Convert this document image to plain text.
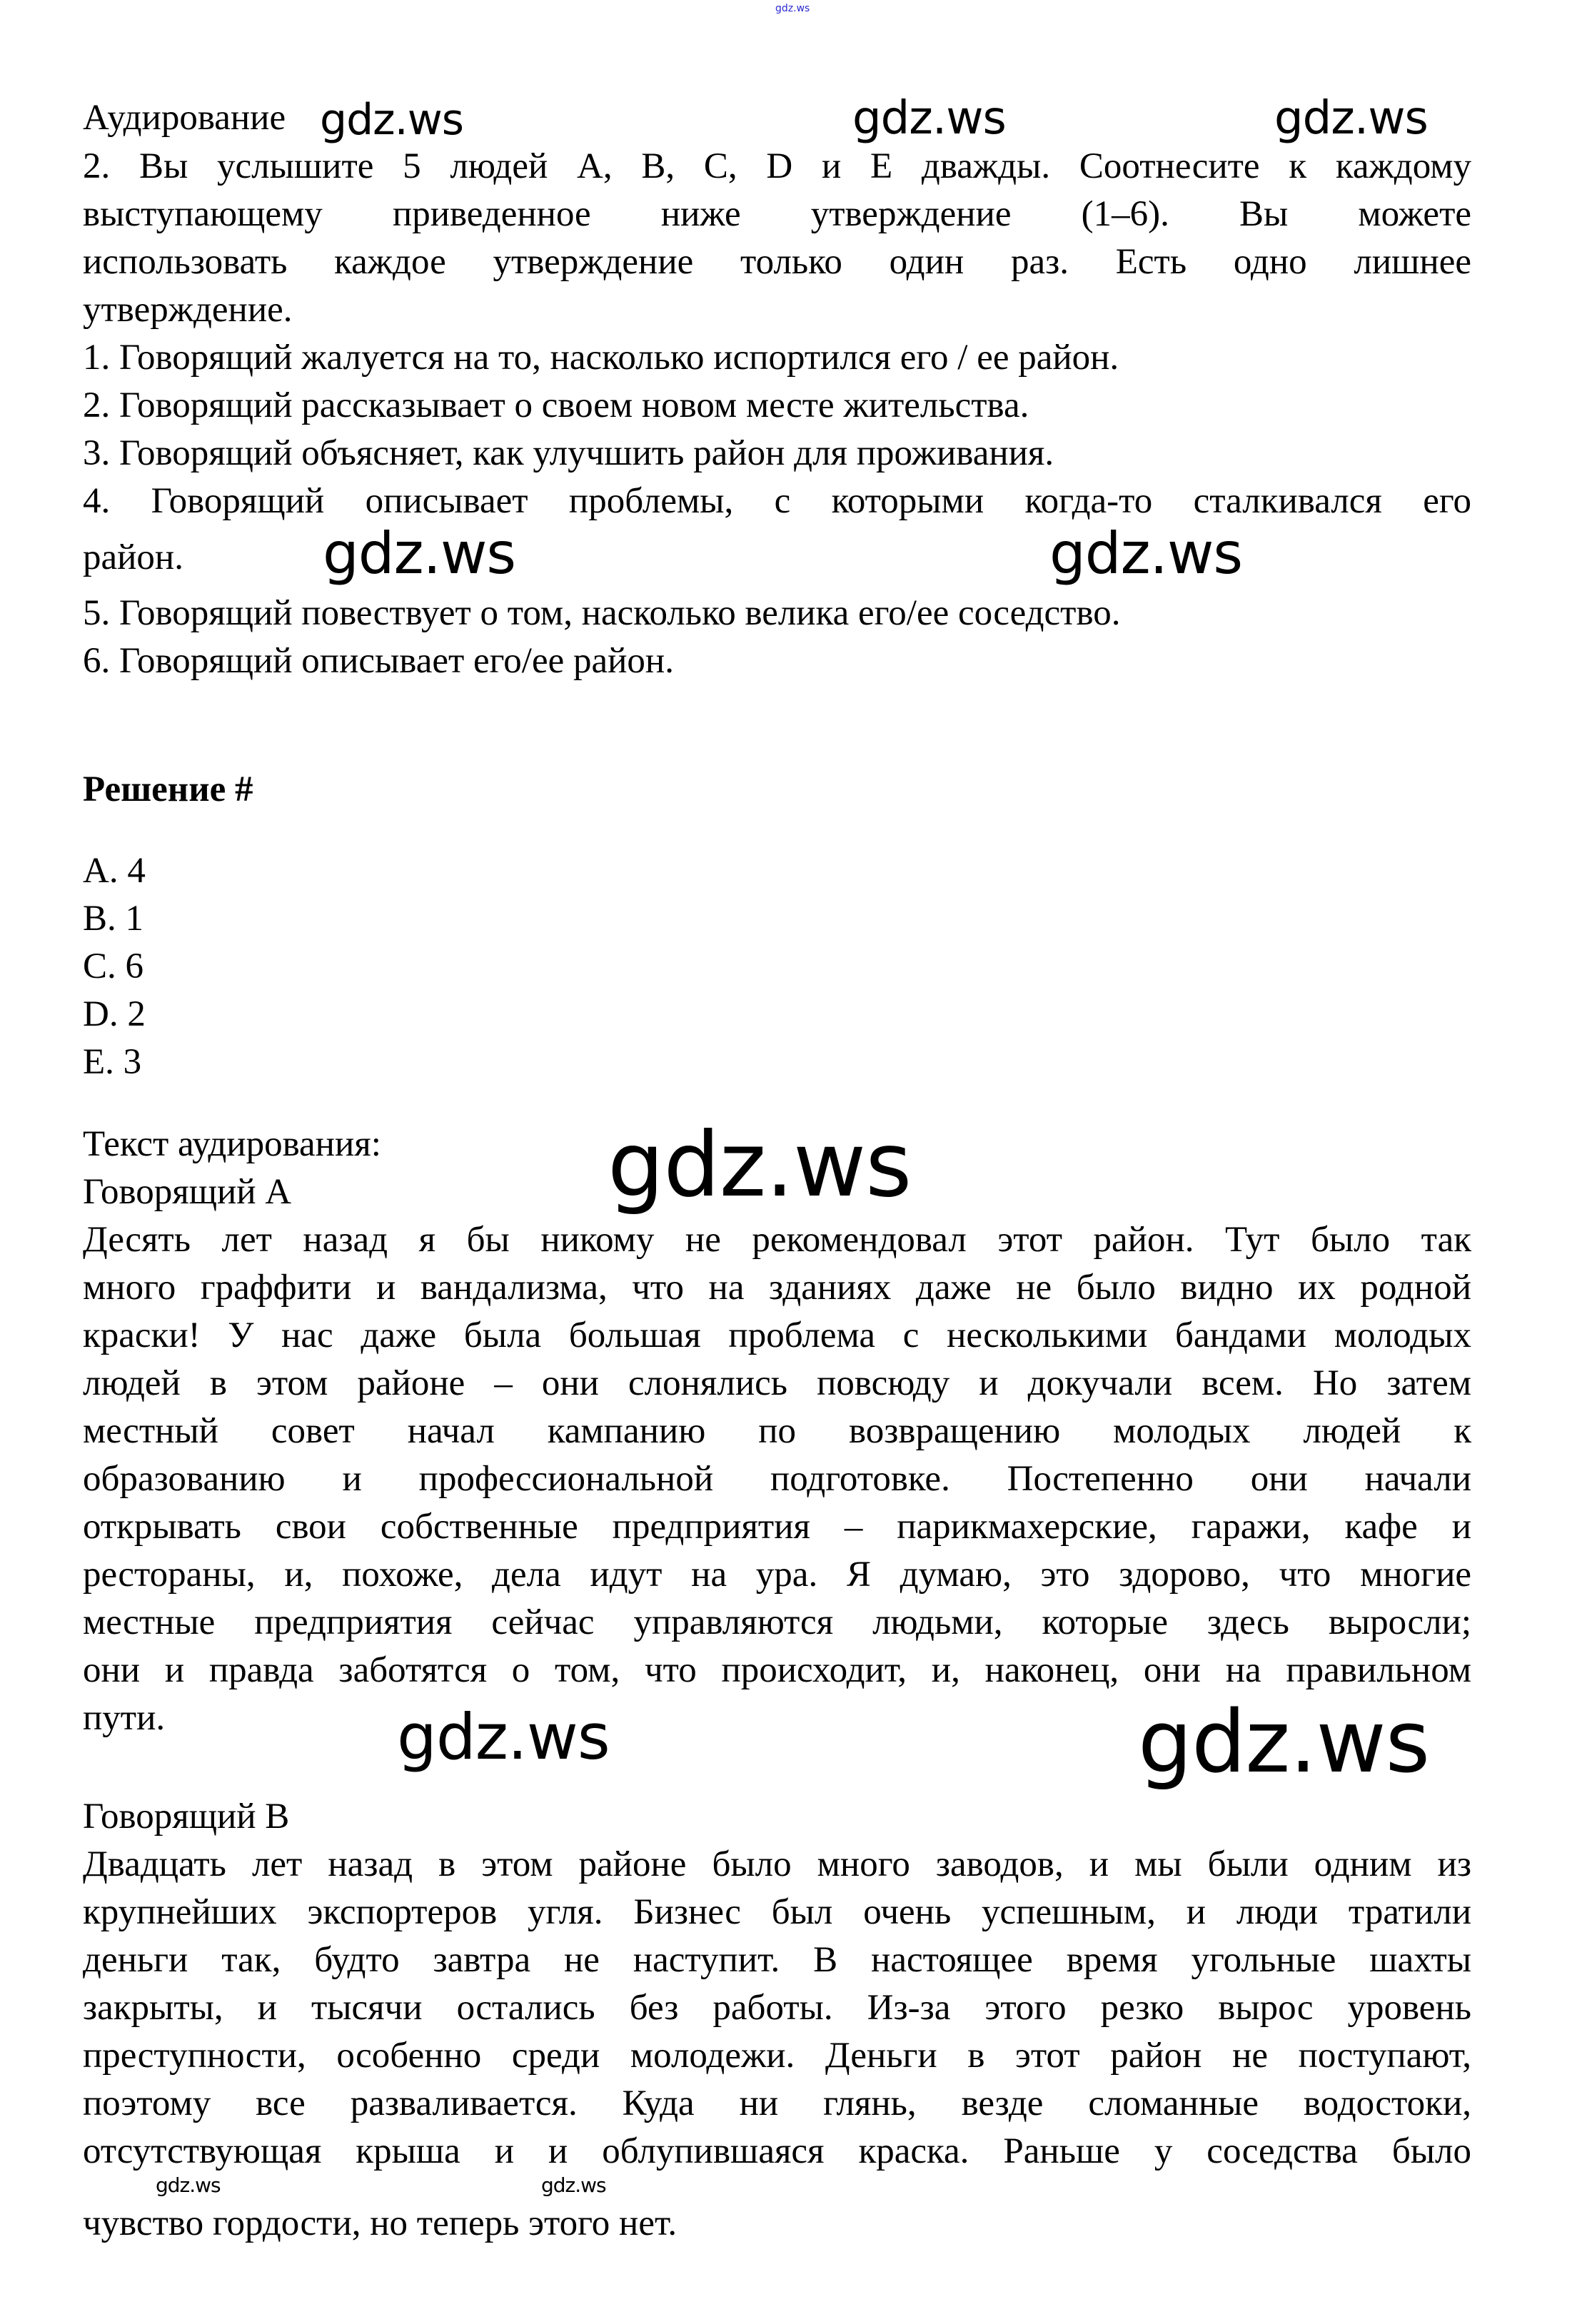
gdz.ws
Аудирование gdz.ws	gdz.ws	gdz.ws
2. Вы услышите 5 людей A, B, C, D и E дважды. Соотнесите к каждому
выступающему приведенное ниже утверждение (1–6). Вы можете
использовать каждое утверждение только один раз. Есть одно лишнее
утверждение.
1. Говорящий жалуется на то, насколько испортился его / ее район.
2. Говорящий рассказывает о своем новом месте жительства.
3. Говорящий объясняет, как улучшить район для проживания.
4. Говорящий описывает проблемы, с которыми когда-то сталкивался его
район. gdz.ws	gdz.ws
5. Говорящий повествует о том, насколько велика его/ее соседство.
6. Говорящий описывает его/ее район.
Решение #
A. 4
B. 1
C. 6
D. 2
E. 3
Текст аудирования:
Говорящий А	gdz.ws
Десять лет назад я бы никому не рекомендовал этот район. Тут было так
много граффити и вандализма, что на зданиях даже не было видно их родной
краски! У нас даже была большая проблема с несколькими бандами молодых
людей в этом районе – они слонялись повсюду и докучали всем. Но затем
местный совет начал кампанию по возвращению молодых людей к
образованию и профессиональной подготовке. Постепенно они начали
открывать свои собственные предприятия – парикмахерские, гаражи, кафе и
рестораны, и, похоже, дела идут на ура. Я думаю, это здорово, что многие
местные предприятия сейчас управляются людьми, которые здесь выросли;
они и правда заботятся о том, что происходит, и, наконец, они на правильном
пути.	gdz.ws	gdz.ws
Говорящий В
Двадцать лет назад в этом районе было много заводов, и мы были одним из
крупнейших экспортеров угля. Бизнес был очень успешным, и люди тратили
деньги так, будто завтра не наступит. В настоящее время угольные шахты
закрыты, и тысячи остались без работы. Из-за этого резко вырос уровень
преступности, особенно среди молодежи. Деньги в этот район не поступают,
поэтому все разваливается. Куда ни глянь, везде сломанные водостоки,
отсутствующая крыша и и облупившаяся краска. Раньше у соседства было
gdz.ws	gdz.ws
чувство гордости, но теперь этого нет.
